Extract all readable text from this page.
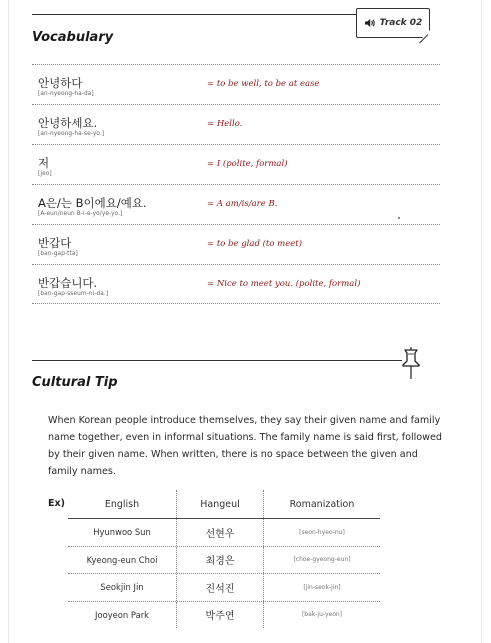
Track 02
Vocabulary
안녕하다
[an-nyeong-ha-da]
= to be well, to be at ease
안녕하세요.
[an-nyeong-ha-se-yo.]
= Hello.
저
[jeo]
= I (polite, formal)
A은/는 B이에요/예요.
[A-eun/neun B-i-e-yo/ye-yo.]
= A am/is/are B.
반갑다
[ban-gap-tta]
= to be glad (to meet)
반갑습니다.
[ban-gap-sseum-ni-da.]
= Nice to meet you. (polite, formal)
Cultural Tip

When Korean people introduce themselves, they say their given name and family name together, even in informal situations. The family name is said first, followed by their given name. When written, there is no space between the given and family names.

Ex)	English	Hangeul	Romanization
Hyunwoo Sun	선현우	[seon-hyeo-nu]
Kyeong-eun Choi	최경은	[choe-gyeong-eun]
Seokjin Jin	진석진	[jin-seok-jin]
Jooyeon Park	박주연	[bak-ju-yeon]
